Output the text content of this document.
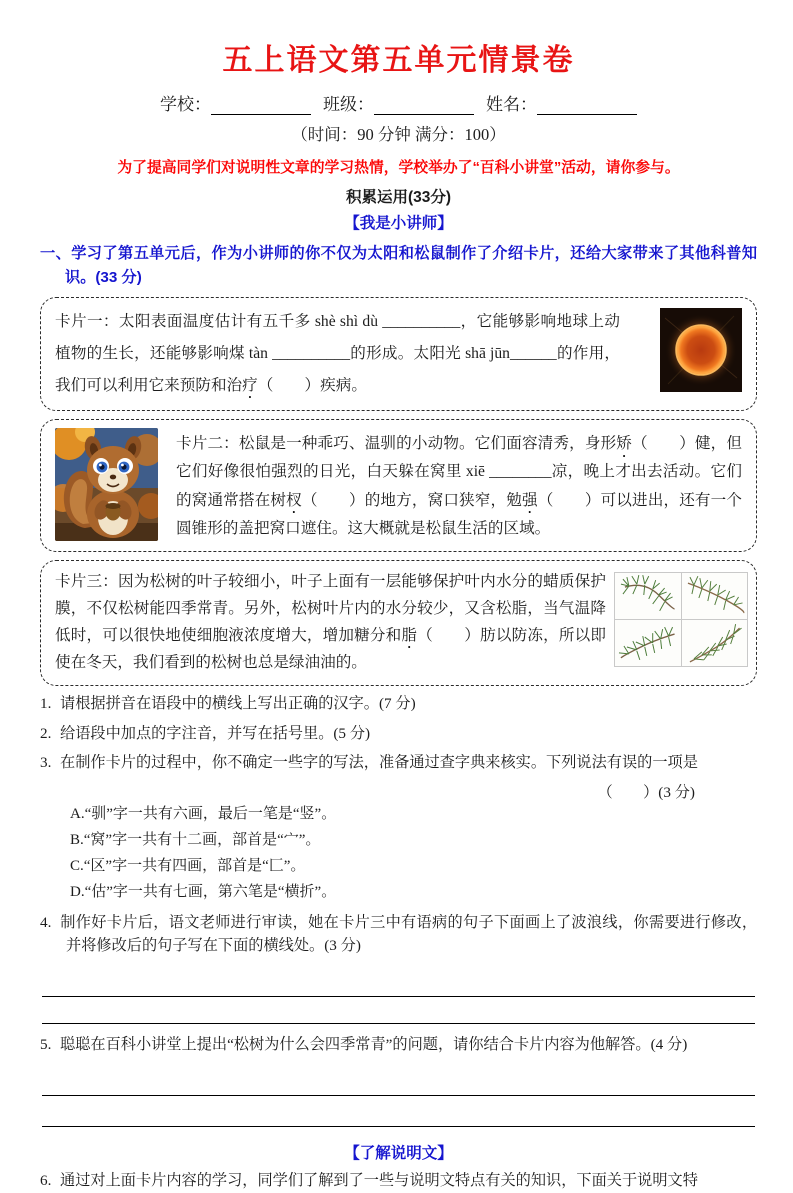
五上语文第五单元情景卷
学校：	班级：	姓名：
（时间：90 分钟 满分：100）
为了提高同学们对说明性文章的学习热情，学校举办了“百科小讲堂”活动，请你参与。
积累运用(33分)
【我是小讲师】
一、学习了第五单元后，作为小讲师的你不仅为太阳和松鼠制作了介绍卡片，还给大家带来了其他科普知识。(33 分)
卡片一：太阳表面温度估计有五千多 shè shì dù __________，它能够影响地球上动植物的生长，还能够影响煤 tàn __________的形成。太阳光 shā jūn______的作用，我们可以利用它来预防和治疗（　　）疾病。
卡片二：松鼠是一种乖巧、温驯的小动物。它们面容清秀，身形矫（　　）健，但它们好像很怕强烈的日光，白天躲在窝里 xiē ________凉，晚上才出去活动。它们的窝通常搭在树杈（　　）的地方，窝口狭窄，勉强（　　）可以进出，还有一个圆锥形的盖把窝口遮住。这大概就是松鼠生活的区域。
卡片三：因为松树的叶子较细小，叶子上面有一层能够保护叶内水分的蜡质保护膜，不仅松树能四季常青。另外，松树叶片内的水分较少，又含松脂，当气温降低时，可以很快地使细胞液浓度增大，增加糖分和脂（　　）肪以防冻，所以即使在冬天，我们看到的松树也总是绿油油的。
1. 请根据拼音在语段中的横线上写出正确的汉字。(7 分)
2. 给语段中加点的字注音，并写在括号里。(5 分)
3. 在制作卡片的过程中，你不确定一些字的写法，准备通过查字典来核实。下列说法有误的一项是
（　　）(3 分)
A.“驯”字一共有六画，最后一笔是“竖”。
B.“窝”字一共有十二画，部首是“宀”。
C.“区”字一共有四画，部首是“匚”。
D.“估”字一共有七画，第六笔是“横折”。
4. 制作好卡片后，语文老师进行审读，她在卡片三中有语病的句子下面画上了波浪线，你需要进行修改，并将修改后的句子写在下面的横线处。(3 分)
5. 聪聪在百科小讲堂上提出“松树为什么会四季常青”的问题，请你结合卡片内容为他解答。(4 分)
【了解说明文】
6. 通过对上面卡片内容的学习，同学们了解到了一些与说明文特点有关的知识，下面关于说明文特
